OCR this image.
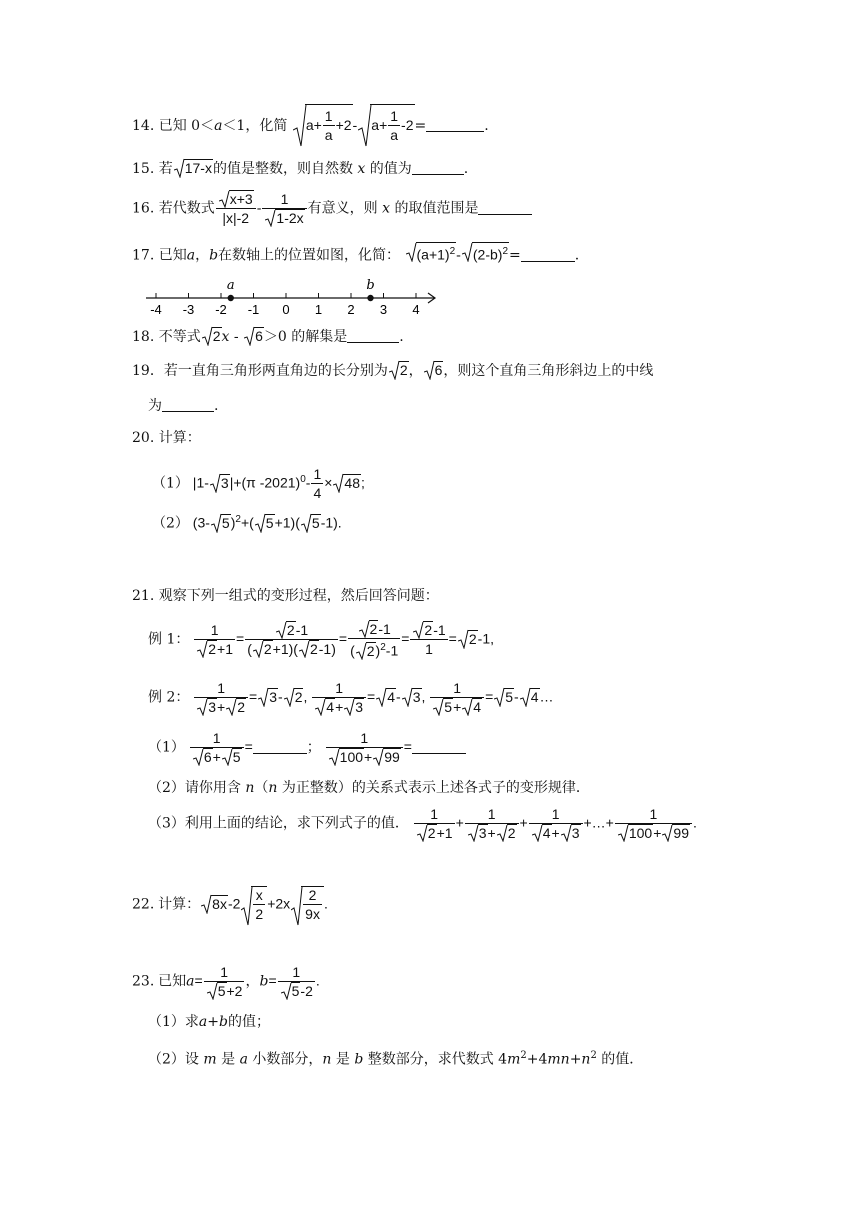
14. 已知 0＜a＜1，化简 $a+ \frac{1}{a} +2-$ $a+ \frac{1}{a} -2=$	.
15. 若 17-x的值是整数，则自然数 x 的值为	.
16. 若代数式 $\frac{x+3}{|x|-2} - \frac{1}{1-2x}$ 有意义，则 x 的取值范围是
17. 已知a，b在数轴上的位置如图，化简： $(a+1)^2-$ $(2-b)^2=$	.
-4 -3 -2 -1 0 1 2 3 4
a	b
18. 不等式 2x -
6＞0 的解集是	.
19．若一直角三角形两直角边的长分别为 2， 6，则这个直角三角形斜边上的中线
为	.
20. 计算：
（1） |1- 3|+(π $-2021)^0- \frac{1}{4} \times 48$;
（2） (3- 5)$^2$+( 5+1)( 5-1).
21. 观察下列一组式的变形过程，然后回答问题：
例 1： $\frac{1}{2+1} = \frac{2-1}{( 2+1)( 2-1)} = \frac{2-1}{( 2)^2-1} = \frac{2-1}{1} = 2-1$,
例 2： $\frac{1}{3+ 2} = 3-$ 2, $\frac{1}{4+ 3} = 4-$ 3, $\frac{1}{5+ 4} = 5-$ 4…
$(1) \frac{1}{6+ 5}$ =	； $\frac{1}{100+ 99}$ =
（2）请你用含 n（n 为正整数）的关系式表示上述各式子的变形规律．
（3）利用上面的结论，求下列式子的值． $\frac{1}{2+1} + \frac{1}{3+ 2} + \frac{1}{4+ 3}$ +…+ $\frac{1}{100+ 99}$ .
22. 计算： $8x-2 \frac{x}{2} +2x \frac{2}{9x}$ .
23. 已知$a= \frac{1}{5+2}$ ，$b= \frac{1}{5-2}$ .
（1）求a+b的值；
（2）设 m 是 a 小数部分，n 是 b 整数部分，求代数式 $4m^2+4mn+n^2$ 的值．
